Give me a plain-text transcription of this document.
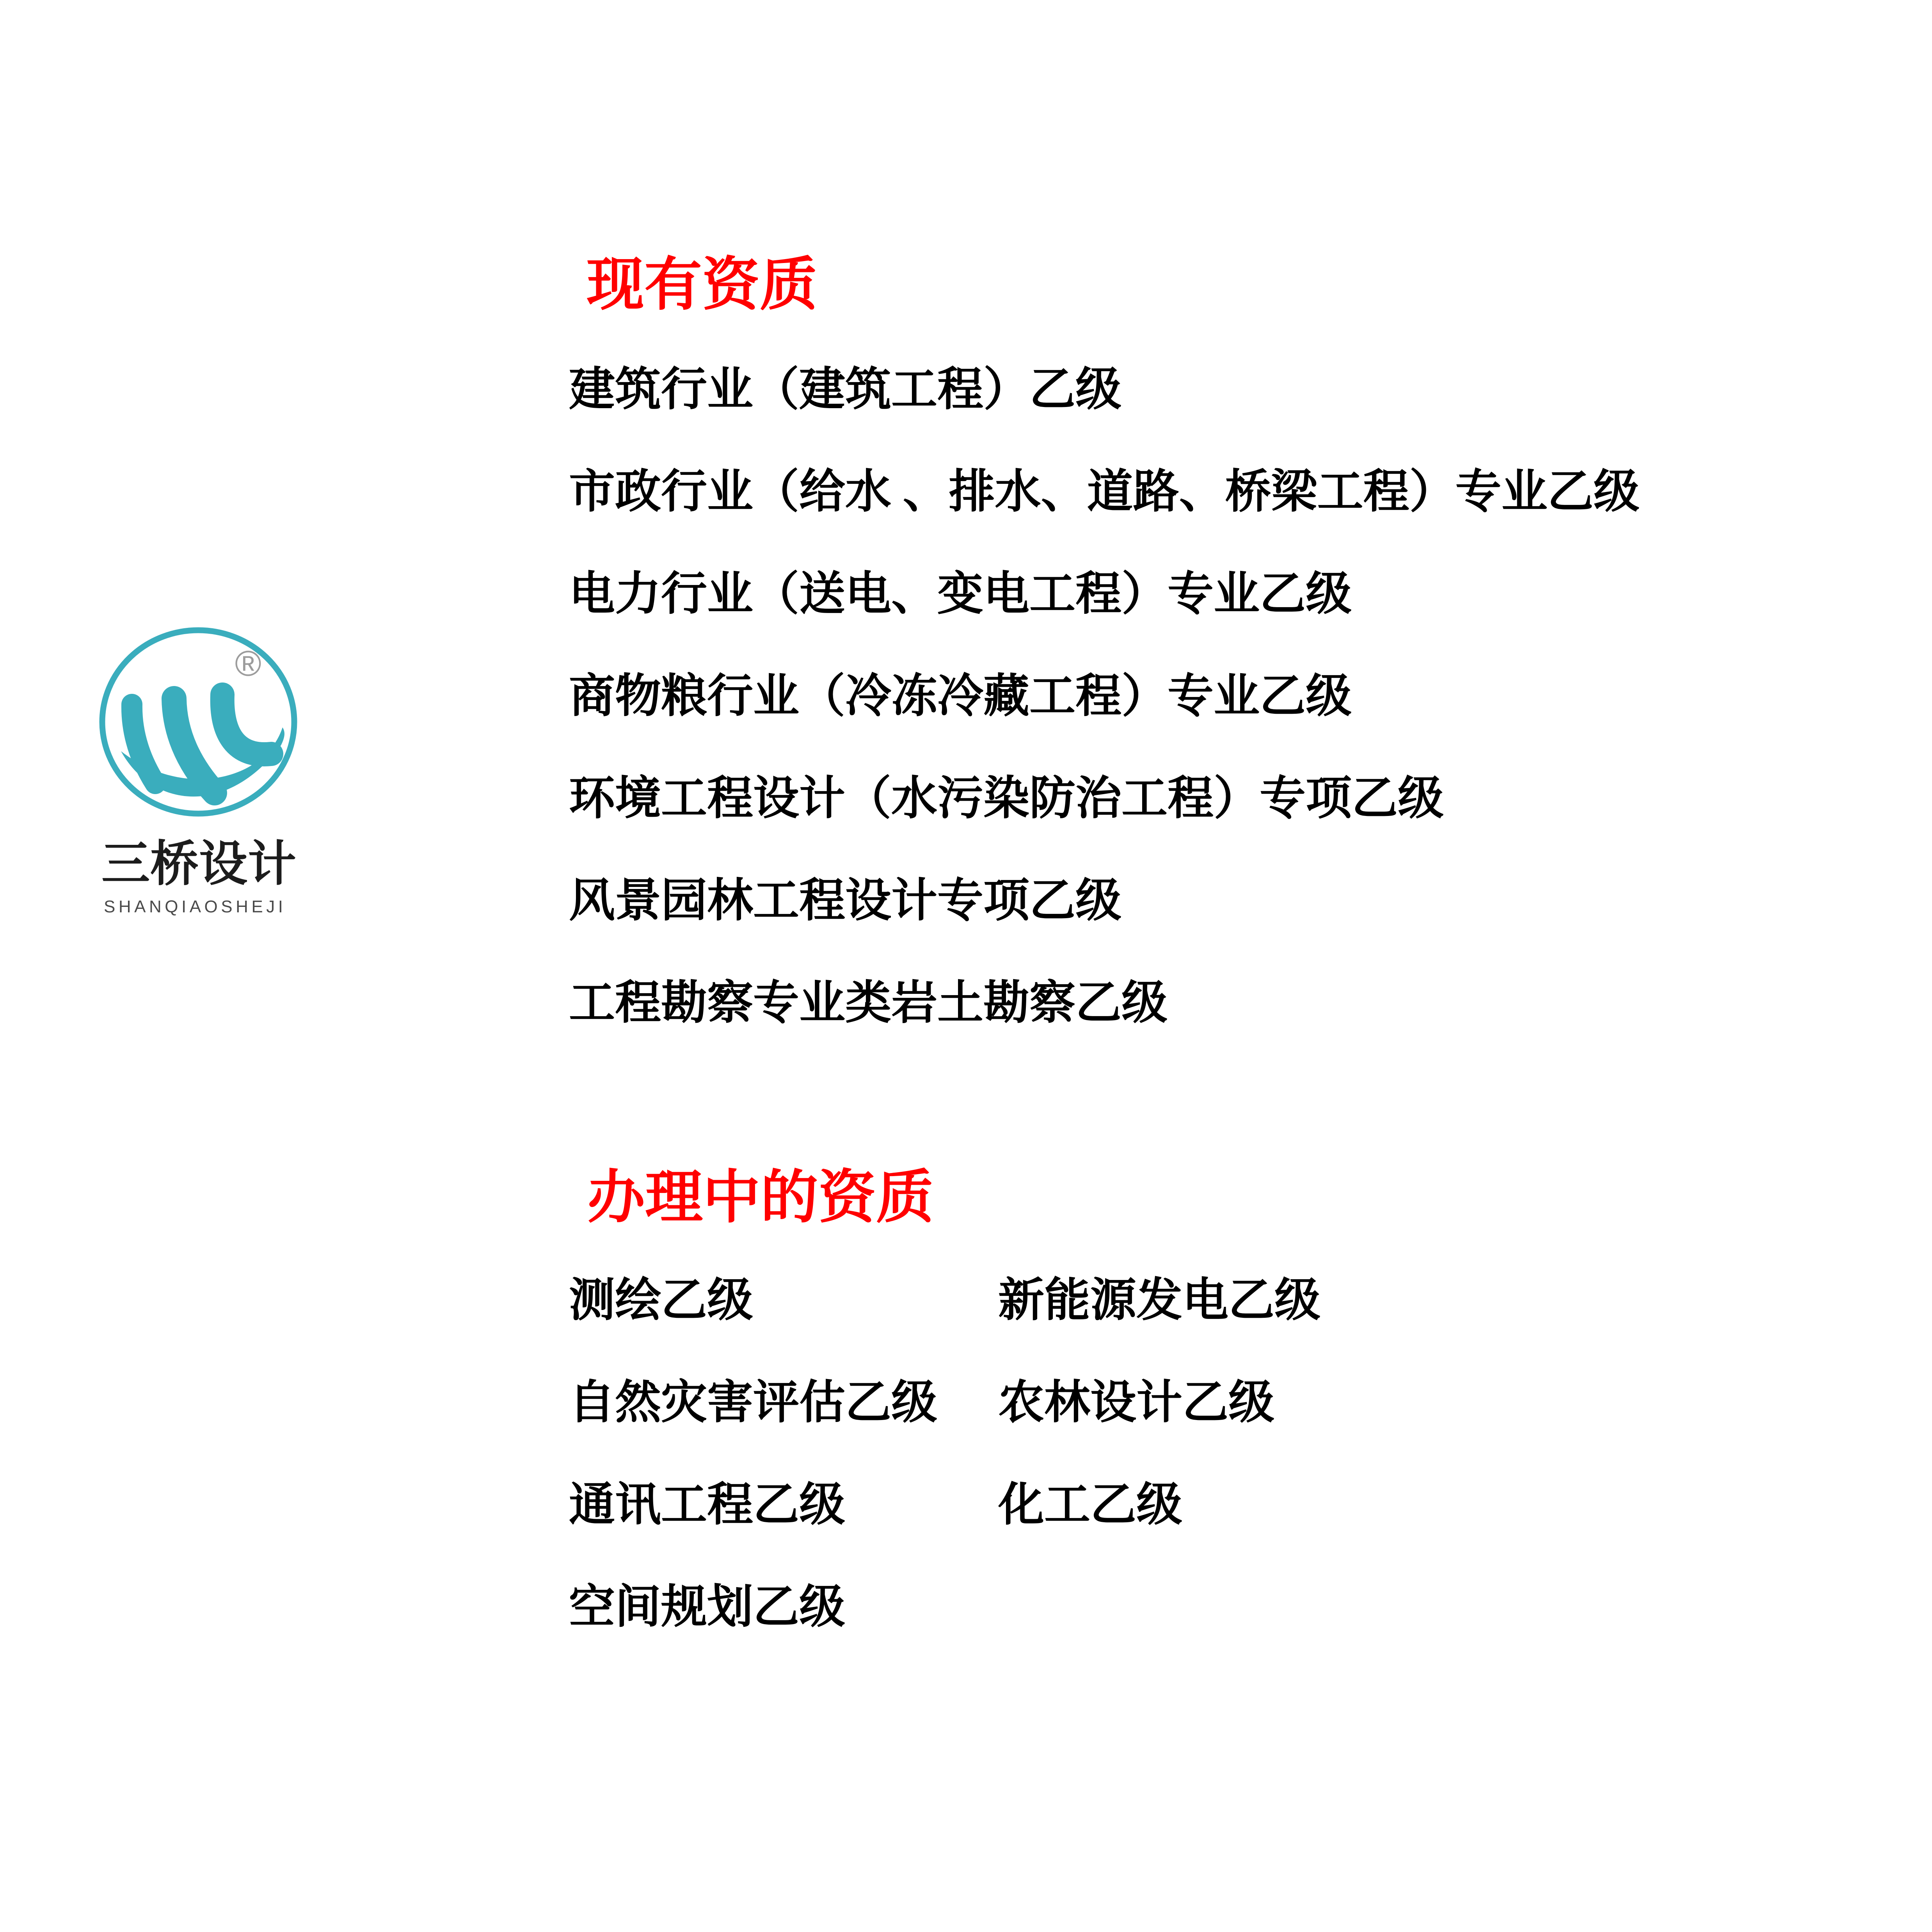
®
三桥设计
SHANQIAOSHEJI
现有资质
建筑行业（建筑工程）乙级
市政行业（给水 、排水、道路、桥梁工程）专业乙级
电力行业（送电、变电工程）专业乙级
商物粮行业（冷冻冷藏工程）专业乙级
环境工程设计（水污染防治工程）专项乙级
风景园林工程设计专项乙级
工程勘察专业类岩土勘察乙级
办理中的资质
测绘乙级
自然灾害评估乙级
通讯工程乙级
空间规划乙级
新能源发电乙级
农林设计乙级
化工乙级
